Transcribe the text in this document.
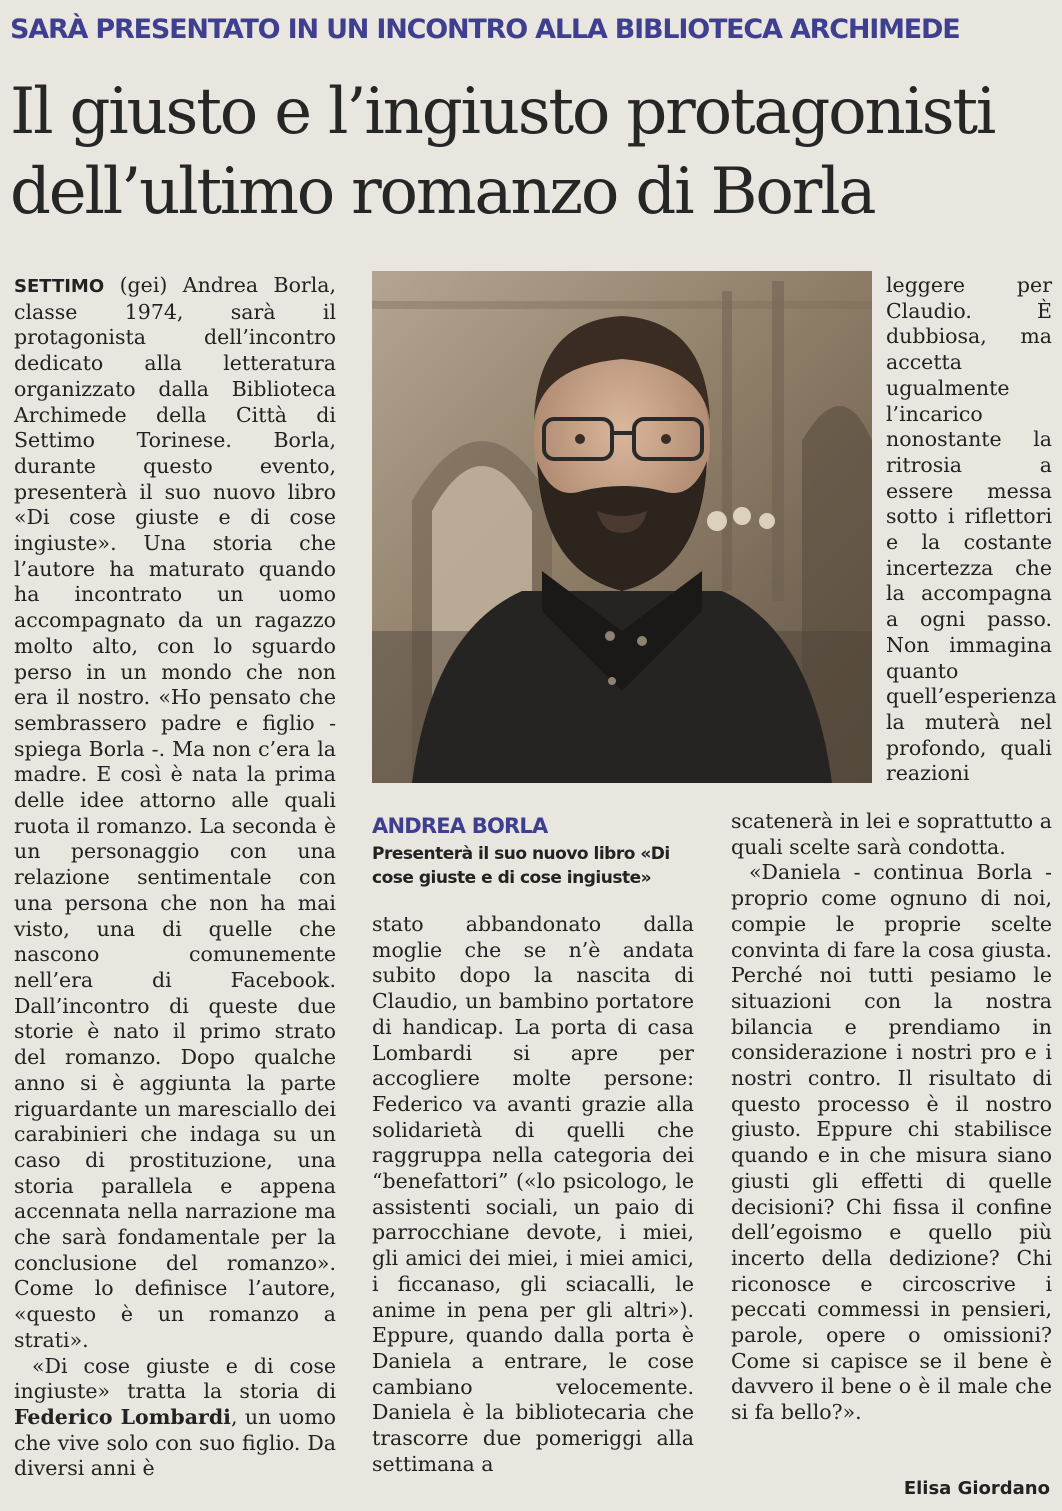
SARÀ PRESENTATO IN UN INCONTRO ALLA BIBLIOTECA ARCHIMEDE
Il giusto e l’ingiusto protagonisti
dell’ultimo romanzo di Borla

SETTIMO (gei) Andrea Borla, classe 1974, sarà il protagonista dell’incontro dedicato alla letteratura organizzato dalla Biblioteca Archimede della Città di Settimo Torinese. Borla, durante questo evento, presenterà il suo nuovo libro «Di cose giuste e di cose ingiuste». Una storia che l’autore ha maturato quando ha incontrato un uomo accompagnato da un ragazzo molto alto, con lo sguardo perso in un mondo che non era il nostro. «Ho pensato che sembrassero padre e figlio - spiega Borla -. Ma non c’era la madre. E così è nata la prima delle idee attorno alle quali ruota il romanzo. La seconda è un personaggio con una relazione sentimentale con una persona che non ha mai visto, una di quelle che nascono comunemente nell’era di Facebook. Dall’incontro di queste due storie è nato il primo strato del romanzo. Dopo qualche anno si è aggiunta la parte riguardante un maresciallo dei carabinieri che indaga su un caso di prostituzione, una storia parallela e appena accennata nella narrazione ma che sarà fondamentale per la conclusione del romanzo». Come lo definisce l’autore, «questo è un romanzo a strati».

«Di cose giuste e di cose ingiuste» tratta la storia di Federico Lombardi, un uomo che vive solo con suo figlio. Da diversi anni è

ANDREA BORLA
Presenterà il suo nuovo libro «Di cose giuste e di cose ingiuste»

stato abbandonato dalla moglie che se n’è andata subito dopo la nascita di Claudio, un bambino portatore di handicap. La porta di casa Lombardi si apre per accogliere molte persone: Federico va avanti grazie alla solidarietà di quelli che raggruppa nella categoria dei “benefattori” («lo psicologo, le assistenti sociali, un paio di parrocchiane devote, i miei, gli amici dei miei, i miei amici, i ficcanaso, gli sciacalli, le anime in pena per gli altri»). Eppure, quando dalla porta è Daniela a entrare, le cose cambiano velocemente. Daniela è la bibliotecaria che trascorre due pomeriggi alla settimana a

leggere per Claudio. È dubbiosa, ma accetta ugualmente l’incarico nonostante la ritrosia a essere messa sotto i riflettori e la costante incertezza che la accompagna a ogni passo. Non immagina quanto quell’esperienza la muterà nel profondo, quali reazioni

scatenerà in lei e soprattutto a quali scelte sarà condotta.

«Daniela - continua Borla - proprio come ognuno di noi, compie le proprie scelte convinta di fare la cosa giusta. Perché noi tutti pesiamo le situazioni con la nostra bilancia e prendiamo in considerazione i nostri pro e i nostri contro. Il risultato di questo processo è il nostro giusto. Eppure chi stabilisce quando e in che misura siano giusti gli effetti di quelle decisioni? Chi fissa il confine dell’egoismo e quello più incerto della dedizione? Chi riconosce e circoscrive i peccati commessi in pensieri, parole, opere o omissioni? Come si capisce se il bene è davvero il bene o è il male che si fa bello?».

Elisa Giordano
